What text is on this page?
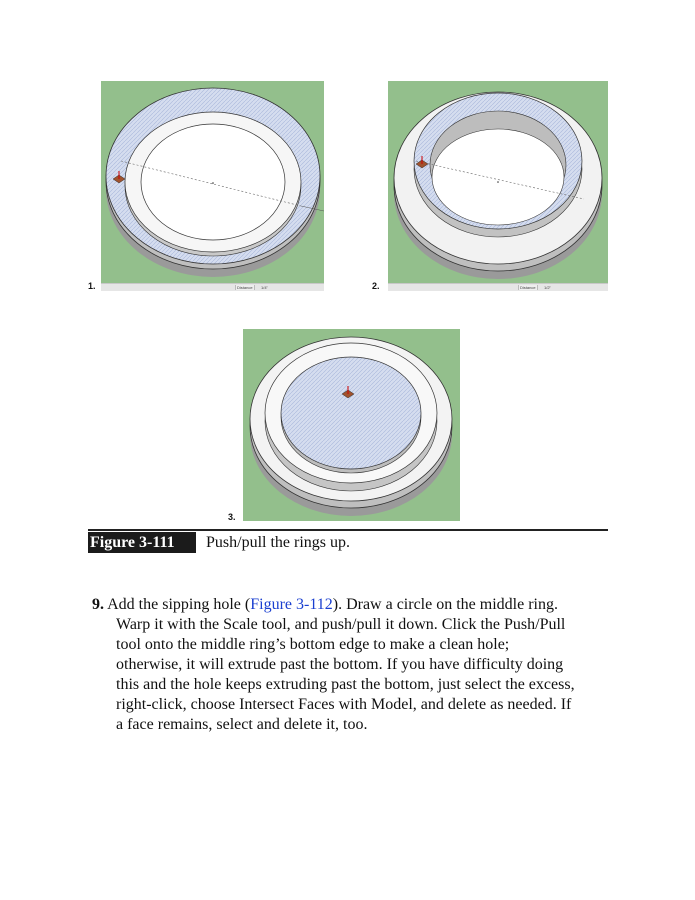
Distance	1/4"
1.	Distance	1/2"
2.
3.
Figure 3-111	Push/pull the rings up.
9. Add the sipping hole (Figure 3-112). Draw a circle on the middle ring.
Warp it with the Scale tool, and push/pull it down. Click the Push/Pull
tool onto the middle ring’s bottom edge to make a clean hole;
otherwise, it will extrude past the bottom. If you have difficulty doing
this and the hole keeps extruding past the bottom, just select the excess,
right-click, choose Intersect Faces with Model, and delete as needed. If
a face remains, select and delete it, too.
